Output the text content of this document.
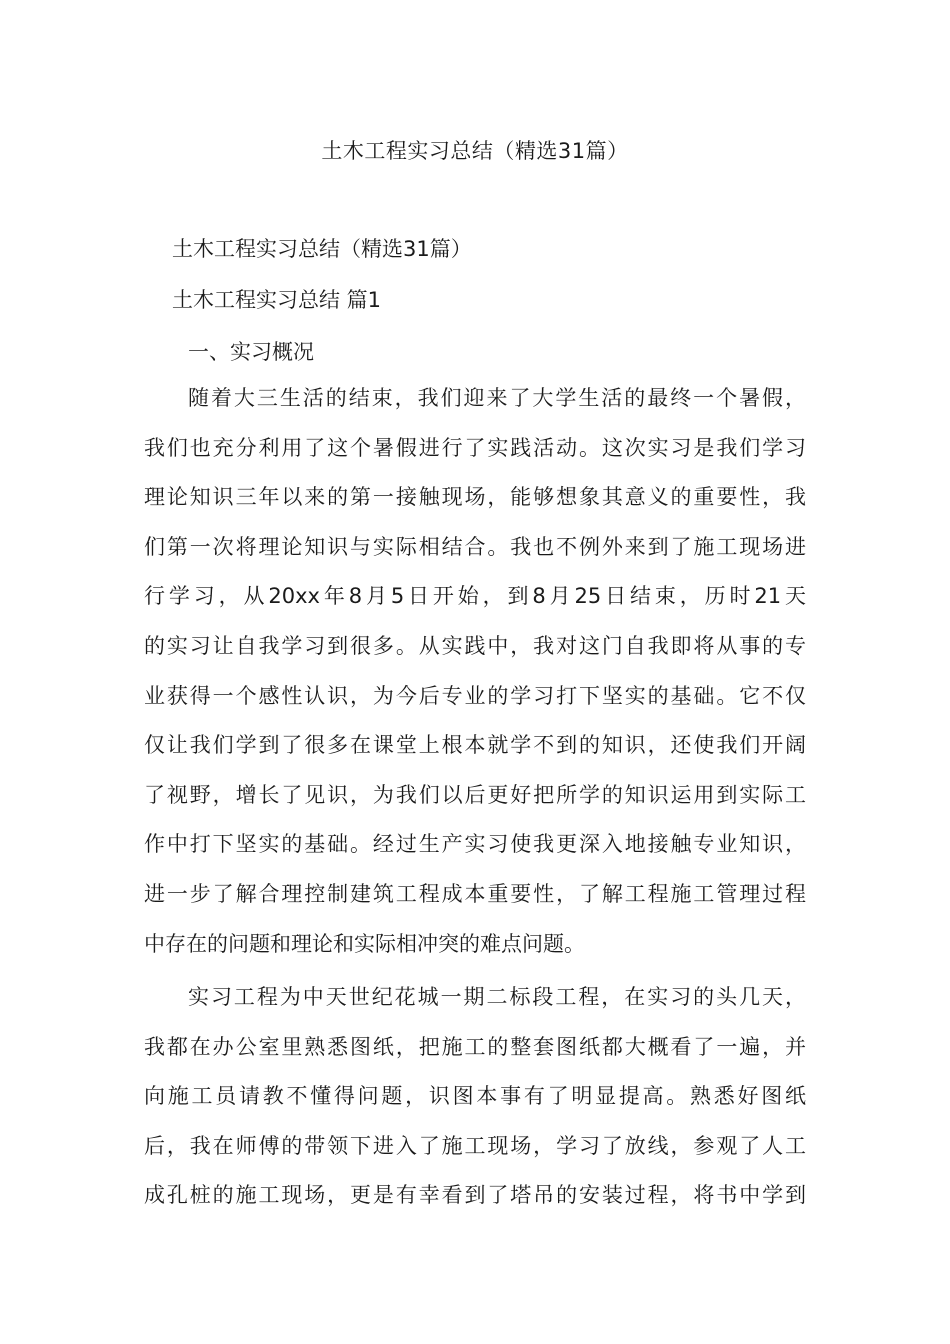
土木工程实习总结（精选31篇）
土木工程实习总结（精选31篇）
土木工程实习总结 篇1
一、实习概况
随着大三生活的结束，我们迎来了大学生活的最终一个暑假，
我们也充分利用了这个暑假进行了实践活动。这次实习是我们学习
理论知识三年以来的第一接触现场，能够想象其意义的重要性，我
们第一次将理论知识与实际相结合。我也不例外来到了施工现场进
行学习，从20xx年8月5日开始，到8月25日结束，历时21天
的实习让自我学习到很多。从实践中，我对这门自我即将从事的专
业获得一个感性认识，为今后专业的学习打下坚实的基础。它不仅
仅让我们学到了很多在课堂上根本就学不到的知识，还使我们开阔
了视野，增长了见识，为我们以后更好把所学的知识运用到实际工
作中打下坚实的基础。经过生产实习使我更深入地接触专业知识，
进一步了解合理控制建筑工程成本重要性，了解工程施工管理过程
中存在的问题和理论和实际相冲突的难点问题。
实习工程为中天世纪花城一期二标段工程，在实习的头几天，
我都在办公室里熟悉图纸，把施工的整套图纸都大概看了一遍，并
向施工员请教不懂得问题，识图本事有了明显提高。熟悉好图纸
后，我在师傅的带领下进入了施工现场，学习了放线，参观了人工
成孔桩的施工现场，更是有幸看到了塔吊的安装过程，将书中学到
